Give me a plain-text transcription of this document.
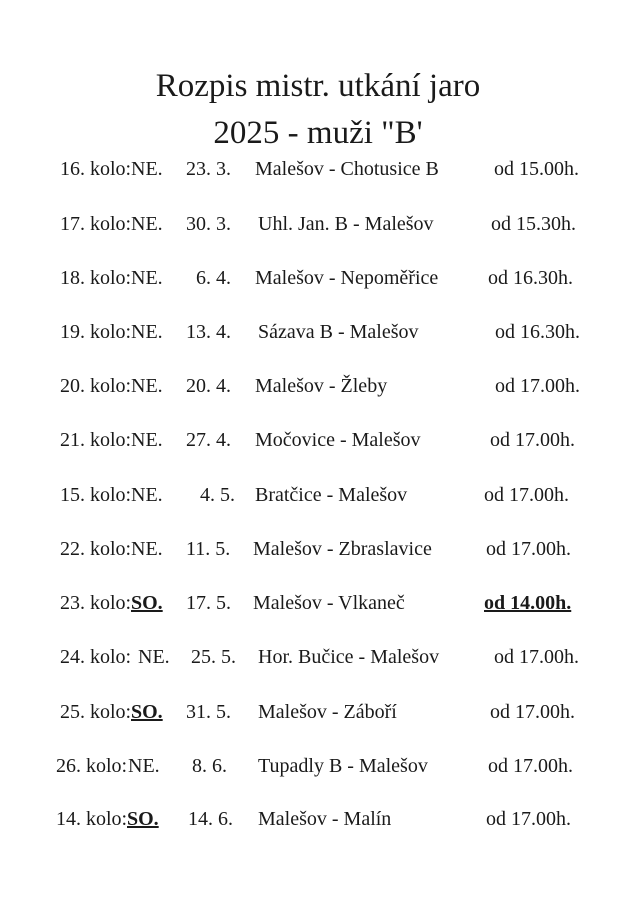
Rozpis mistr. utkání jaro
2025 - muži "B'
16. kolo: NE. 23. 3. Malešov - Chotusice B	od 15.00h.
17. kolo: NE. 30. 3. Uhl. Jan. B - Malešov	od 15.30h.
18. kolo: NE. 6. 4. Malešov - Nepoměřice od 16.30h.
19. kolo: NE. 13. 4. Sázava B - Malešov	od 16.30h.
20. kolo: NE. 20. 4. Malešov - Žleby	od 17.00h.
21. kolo: NE. 27. 4. Močovice - Malešov	od 17.00h.
15. kolo: NE. 4. 5. Bratčice - Malešov	od 17.00h.
22. kolo: NE. 11. 5. Malešov - Zbraslavice	od 17.00h.
23. kolo: SO. 17. 5. Malešov - Vlkaneč	od 14.00h.
24. kolo: NE. 25. 5. Hor. Bučice - Malešov	od 17.00h.
25. kolo: SO. 31. 5. Malešov - Záboří	od 17.00h.
26. kolo: NE. 8. 6. Tupadly B - Malešov	od 17.00h.
14. kolo: SO. 14. 6. Malešov - Malín	od 17.00h.
